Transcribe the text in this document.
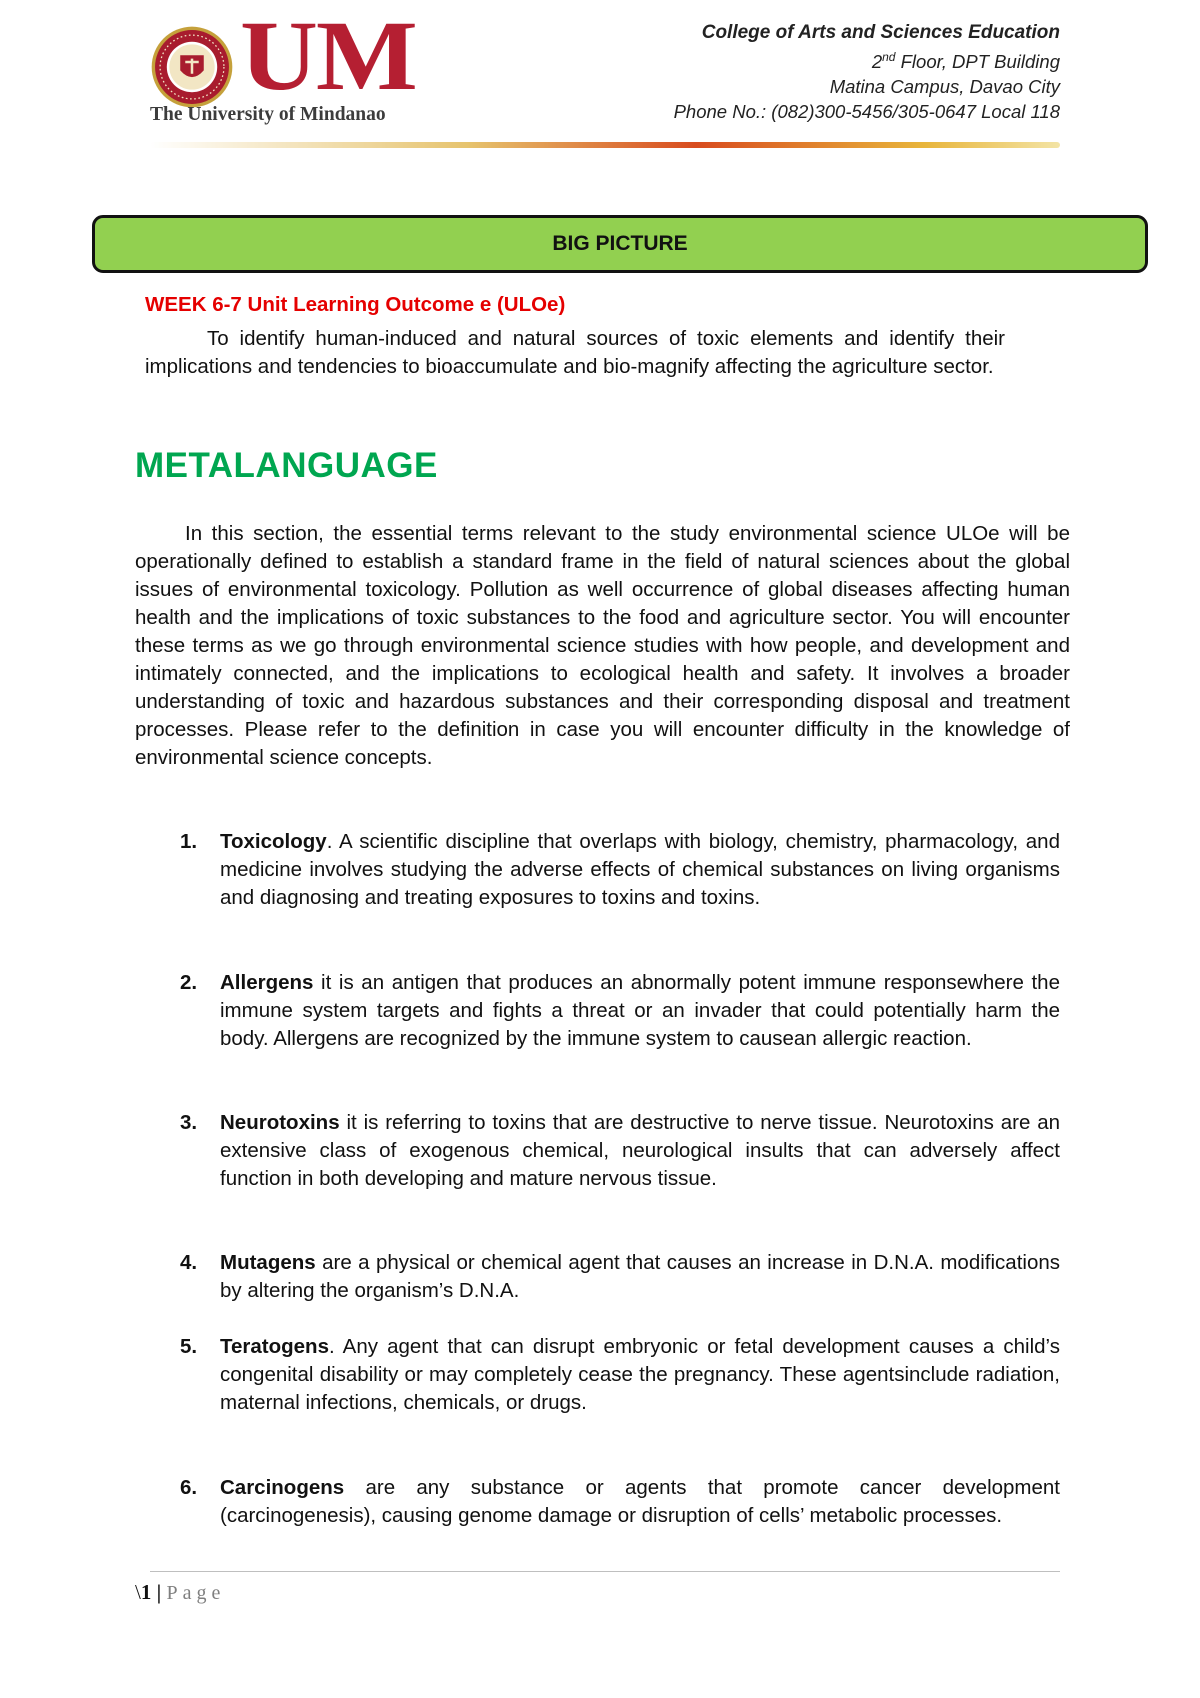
UM
The University of Mindanao
College of Arts and Sciences Education
2nd Floor, DPT Building
Matina Campus, Davao City
Phone No.: (082)300-5456/305-0647 Local 118
BIG PICTURE
WEEK 6-7 Unit Learning Outcome e (ULOe)
To identify human-induced and natural sources of toxic elements and identify their implications and tendencies to bioaccumulate and bio-magnify affecting the agriculture sector.
METALANGUAGE
In this section, the essential terms relevant to the study environmental science ULOe will be operationally defined to establish a standard frame in the field of natural sciences about the global issues of environmental toxicology. Pollution as well occurrence of global diseases affecting human health and the implications of toxic substances to the food and agriculture sector. You will encounter these terms as we go through environmental science studies with how people, and development and intimately connected, and the implications to ecological health and safety. It involves a broader understanding of toxic and hazardous substances and their corresponding disposal and treatment processes. Please refer to the definition in case you will encounter difficulty in the knowledge of environmental science concepts.
1.	Toxicology. A scientific discipline that overlaps with biology, chemistry, pharmacology, and medicine involves studying the adverse effects of chemical substances on living organisms and diagnosing and treating exposures to toxins and toxins.
2.	Allergens it is an antigen that produces an abnormally potent immune responsewhere the immune system targets and fights a threat or an invader that could potentially harm the body. Allergens are recognized by the immune system to causean allergic reaction.
3.	Neurotoxins it is referring to toxins that are destructive to nerve tissue. Neurotoxins are an extensive class of exogenous chemical, neurological insults that can adversely affect function in both developing and mature nervous tissue.
4.	Mutagens are a physical or chemical agent that causes an increase in D.N.A. modifications by altering the organism’s D.N.A.
5.	Teratogens. Any agent that can disrupt embryonic or fetal development causes a child’s congenital disability or may completely cease the pregnancy. These agentsinclude radiation, maternal infections, chemicals, or drugs.
6.	Carcinogens are any substance or agents that promote cancer development (carcinogenesis), causing genome damage or disruption of cells’ metabolic processes.
\1 | Page
